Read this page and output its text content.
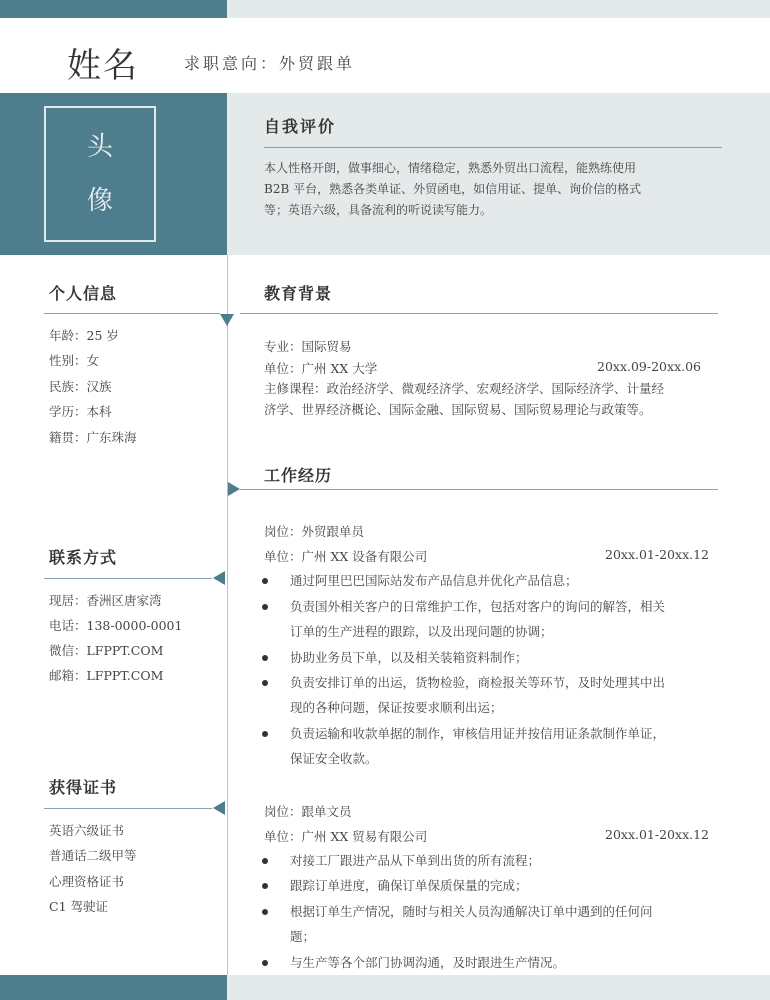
姓名	求职意向：外贸跟单
头
像
自我评价
本人性格开朗，做事细心，情绪稳定，熟悉外贸出口流程，能熟练使用
B2B 平台，熟悉各类单证、外贸函电，如信用证、提单、询价信的格式
等；英语六级，具备流利的听说读写能力。
个人信息
年龄：25 岁
性别：女
民族：汉族
学历：本科
籍贯：广东珠海
联系方式
现居：香洲区唐家湾
电话：138-0000-0001
微信：LFPPT.COM
邮箱：LFPPT.COM
获得证书
英语六级证书
普通话二级甲等
心理资格证书
C1 驾驶证
教育背景
专业：国际贸易
单位：广州 XX 大学	20xx.09-20xx.06
主修课程：政治经济学、微观经济学、宏观经济学、国际经济学、计量经
济学、世界经济概论、国际金融、国际贸易、国际贸易理论与政策等。
工作经历
岗位：外贸跟单员
单位：广州 XX 设备有限公司	20xx.01-20xx.12
通过阿里巴巴国际站发布产品信息并优化产品信息；
负责国外相关客户的日常维护工作，包括对客户的询问的解答，相关
订单的生产进程的跟踪，以及出现问题的协调；
协助业务员下单，以及相关装箱资料制作；
负责安排订单的出运，货物检验，商检报关等环节，及时处理其中出
现的各种问题，保证按要求顺利出运；
负责运输和收款单据的制作，审核信用证并按信用证条款制作单证，
保证安全收款。
岗位：跟单文员
单位：广州 XX 贸易有限公司	20xx.01-20xx.12
对接工厂跟进产品从下单到出货的所有流程；
跟踪订单进度，确保订单保质保量的完成；
根据订单生产情况，随时与相关人员沟通解决订单中遇到的任何问
题；
与生产等各个部门协调沟通，及时跟进生产情况。
